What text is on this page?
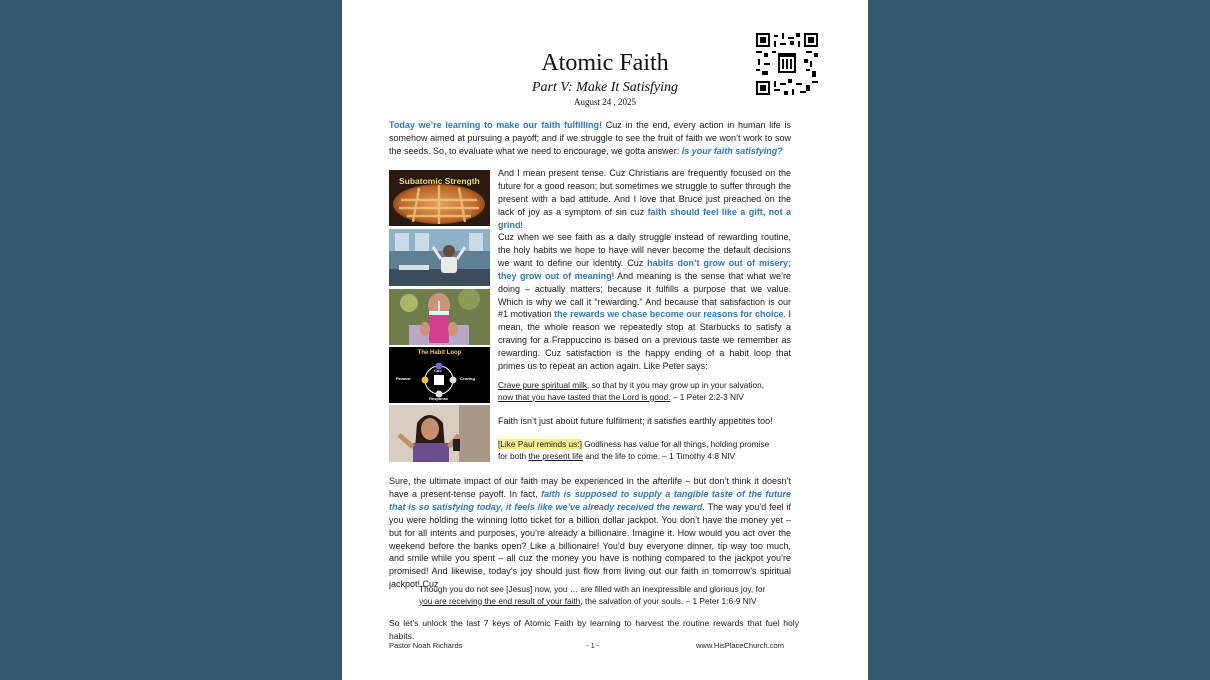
Atomic Faith
Part V: Make It Satisfying
August 24 , 2025
Today we’re learning to make our faith fulfilling! Cuz in the end, every action in human life is somehow aimed at pursuing a payoff; and if we struggle to see the fruit of faith we won’t work to sow the seeds. So, to evaluate what we need to encourage, we gotta answer: Is your faith satisfying?
Subatomic Strength
The Habit Loop
Cue
Craving
Response
Reward
And I mean present tense. Cuz Christians are frequently focused on the future for a good reason; but sometimes we struggle to suffer through the present with a bad attitude. And I love that Bruce just preached on the lack of joy as a symptom of sin cuz faith should feel like a gift, not a grind!
Cuz when we see faith as a daily struggle instead of rewarding routine, the holy habits we hope to have will never become the default decisions we want to define our identity. Cuz habits don’t grow out of misery; they grow out of meaning! And meaning is the sense that what we’re doing – actually matters; because it fulfills a purpose that we value. Which is why we call it “rewarding.” And because that satisfaction is our #1 motivation the rewards we chase become our reasons for choice. I mean, the whole reason we repeatedly stop at Starbucks to satisfy a craving for a Frappuccino is based on a previous taste we remember as rewarding. Cuz satisfaction is the happy ending of a habit loop that primes us to repeat an action again. Like Peter says:
Crave pure spiritual milk, so that by it you may grow up in your salvation,
now that you have tasted that the Lord is good. – 1 Peter 2:2-3 NIV
Faith isn’t just about future fulfilment; it satisfies earthly appetites too!
[Like Paul reminds us:] Godliness has value for all things, holding promise
for both the present life and the life to come. – 1 Timothy 4:8 NIV
Sure, the ultimate impact of our faith may be experienced in the afterlife – but don’t think it doesn’t have a present-tense payoff. In fact, faith is supposed to supply a tangible taste of the future that is so satisfying today, it feels like we’ve already received the reward. The way you’d feel if you were holding the winning lotto ticket for a billion dollar jackpot. You don’t have the money yet – but for all intents and purposes, you’re already a billionaire. Imagine it. How would you act over the weekend before the banks open? Like a billionaire! You’d buy everyone dinner, tip way too much, and smile while you spent – all cuz the money you have is nothing compared to the jackpot you’re promised! And likewise, today’s joy should just flow from living out our faith in tomorrow’s spiritual jackpot! Cuz
Though you do not see [Jesus] now, you … are filled with an inexpressible and glorious joy, for
you are receiving the end result of your faith, the salvation of your souls. – 1 Peter 1:6-9 NIV
So let’s unlock the last 7 keys of Atomic Faith by learning to harvest the routine rewards that fuel holy habits.
Pastor Noah Richards	- 1 -	www.HisPlaceChurch.com
